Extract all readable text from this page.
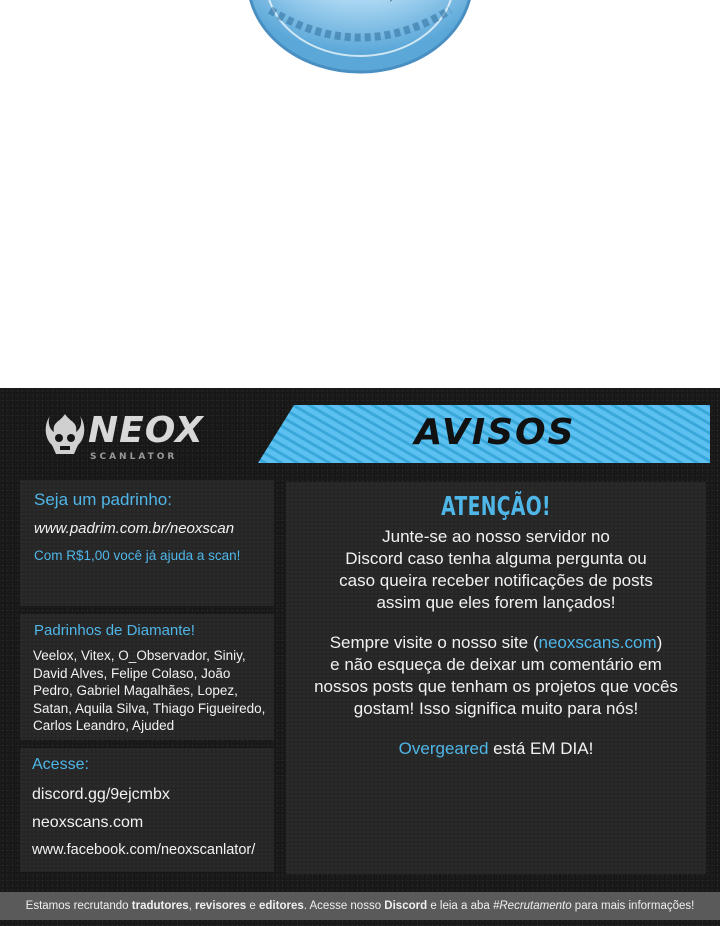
NEOX
SCANLATOR
AVISOS
Seja um padrinho:
www.padrim.com.br/neoxscan
Com R$1,00 você já ajuda a scan!
Padrinhos de Diamante!
Veelox, Vitex, O_Observador, Siniy, David Alves, Felipe Colaso, João Pedro, Gabriel Magalhães, Lopez, Satan, Aquila Silva, Thiago Figueiredo, Carlos Leandro, Ajuded
Acesse:
discord.gg/9ejcmbx
neoxscans.com
www.facebook.com/neoxscanlator/
ATENÇÃO!
Junte-se ao nosso servidor no
Discord caso tenha alguma pergunta ou
caso queira receber notificações de posts
assim que eles forem lançados!
Sempre visite o nosso site (neoxscans.com)
e não esqueça de deixar um comentário em
nossos posts que tenham os projetos que vocês
gostam! Isso significa muito para nós!
Overgeared está EM DIA!
Estamos recrutando tradutores, revisores e editores. Acesse nosso Discord e leia a aba #Recrutamento para mais informações!
